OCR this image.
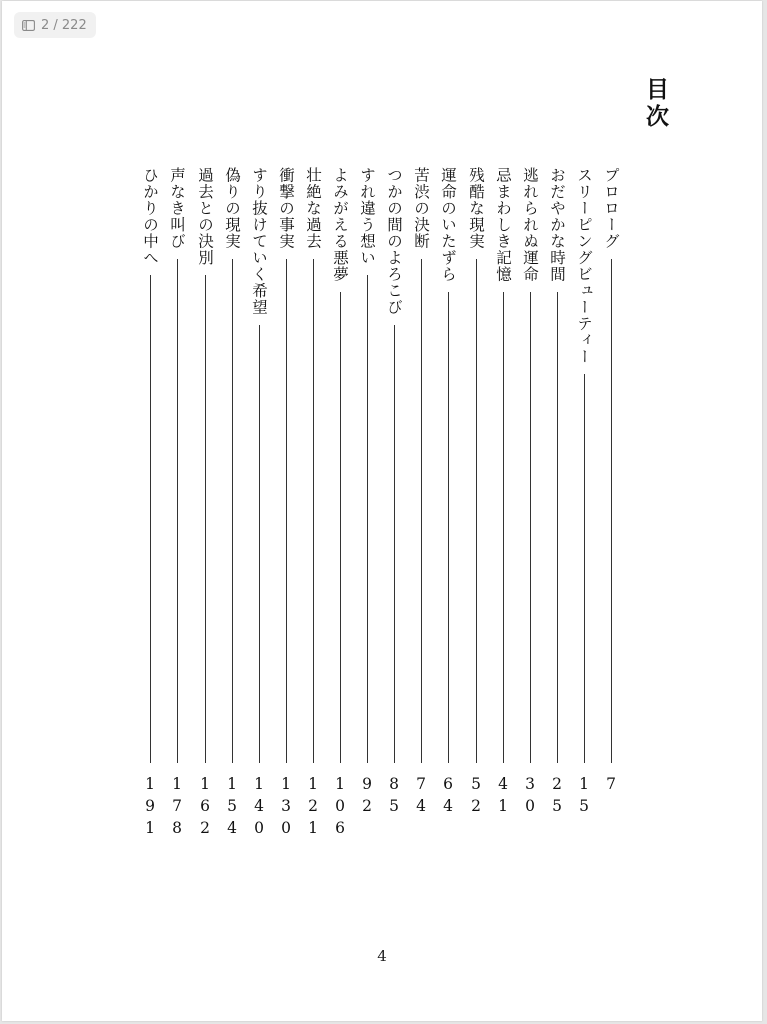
2 / 222
目次
プロローグ
7
スリーピングビューティー
15
おだやかな時間
25
逃れられぬ運命
30
忌まわしき記憶
41
残酷な現実
52
運命のいたずら
64
苦渋の決断
74
つかの間のよろこび
85
すれ違う想い
92
よみがえる悪夢
106
壮絶な過去
121
衝撃の事実
130
すり抜けていく希望
140
偽りの現実
154
過去との決別
162
声なき叫び
178
ひかりの中へ
191
4
